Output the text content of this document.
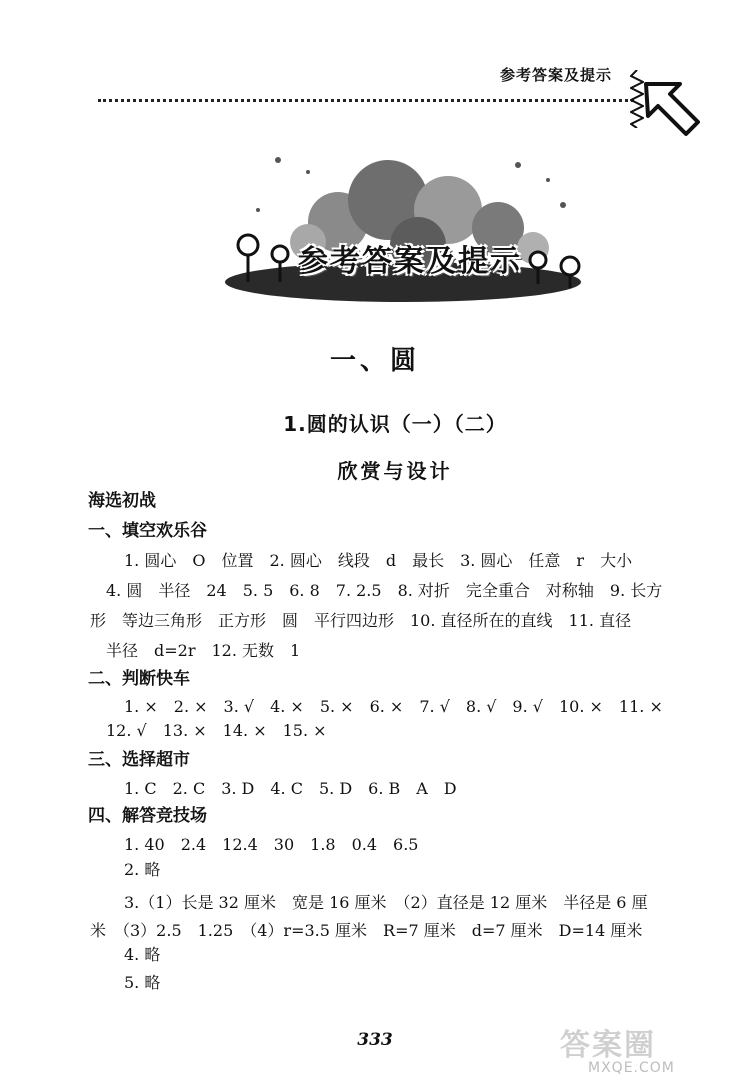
参考答案及提示
参考答案及提示
一、圆
1.圆的认识（一）（二）
欣赏与设计
海选初战
一、填空欢乐谷
1. 圆心　O　位置　2. 圆心　线段　d　最长　3. 圆心　任意　r　大小
4. 圆　半径　24　5. 5　6. 8　7. 2.5　8. 对折　完全重合　对称轴　9. 长方
形　等边三角形　正方形　圆　平行四边形　10. 直径所在的直线　11. 直径
半径　d=2r　12. 无数　1
二、判断快车
1. ×　2. ×　3. √　4. ×　5. ×　6. ×　7. √　8. √　9. √　10. ×　11. ×
12. √　13. ×　14. ×　15. ×
三、选择超市
1. C　2. C　3. D　4. C　5. D　6. B　A　D
四、解答竞技场
1. 40　2.4　12.4　30　1.8　0.4　6.5
2. 略
3.（1）长是 32 厘米　宽是 16 厘米　（2）直径是 12 厘米　半径是 6 厘
米　（3）2.5　1.25　（4）r=3.5 厘米　R=7 厘米　d=7 厘米　D=14 厘米
4. 略
5. 略
333	答案圈
MXQE.COM
